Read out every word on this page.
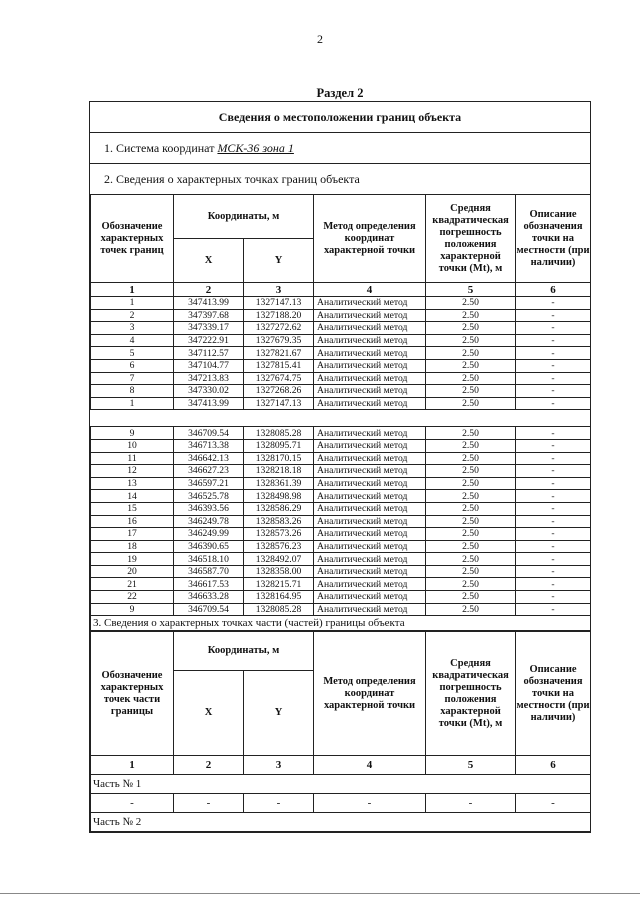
2
Раздел 2
Сведения о местоположении границ объекта
1. Система координат МСК-36 зона 1
2. Сведения о характерных точках границ объекта
Обозначение характерных точек границ	Координаты, м		Метод определения координат характерной точки	Средняя квадратическая погрешность положения характерной точки (Mt), м	Описание обозначения точки на местности (при наличии)
	X	Y			
1	2	3	4	5	6
1	347413.99	1327147.13	Аналитический метод	2.50	-
2	347397.68	1327188.20	Аналитический метод	2.50	-
3	347339.17	1327272.62	Аналитический метод	2.50	-
4	347222.91	1327679.35	Аналитический метод	2.50	-
5	347112.57	1327821.67	Аналитический метод	2.50	-
6	347104.77	1327815.41	Аналитический метод	2.50	-
7	347213.83	1327674.75	Аналитический метод	2.50	-
8	347330.02	1327268.26	Аналитический метод	2.50	-
1	347413.99	1327147.13	Аналитический метод	2.50	-

9	346709.54	1328085.28	Аналитический метод	2.50	-
10	346713.38	1328095.71	Аналитический метод	2.50	-
11	346642.13	1328170.15	Аналитический метод	2.50	-
12	346627.23	1328218.18	Аналитический метод	2.50	-
13	346597.21	1328361.39	Аналитический метод	2.50	-
14	346525.78	1328498.98	Аналитический метод	2.50	-
15	346393.56	1328586.29	Аналитический метод	2.50	-
16	346249.78	1328583.26	Аналитический метод	2.50	-
17	346249.99	1328573.26	Аналитический метод	2.50	-
18	346390.65	1328576.23	Аналитический метод	2.50	-
19	346518.10	1328492.07	Аналитический метод	2.50	-
20	346587.70	1328358.00	Аналитический метод	2.50	-
21	346617.53	1328215.71	Аналитический метод	2.50	-
22	346633.28	1328164.95	Аналитический метод	2.50	-
9	346709.54	1328085.28	Аналитический метод	2.50	-
3. Сведения о характерных точках части (частей) границы объекта					
Обозначение характерных точек части границы	Координаты, м		Метод определения координат характерной точки	Средняя квадратическая погрешность положения характерной точки (Mt), м	Описание обозначения точки на местности (при наличии)
	X	Y			
1	2	3	4	5	6
Часть № 1					
-	-	-	-	-	-
Часть № 2					
